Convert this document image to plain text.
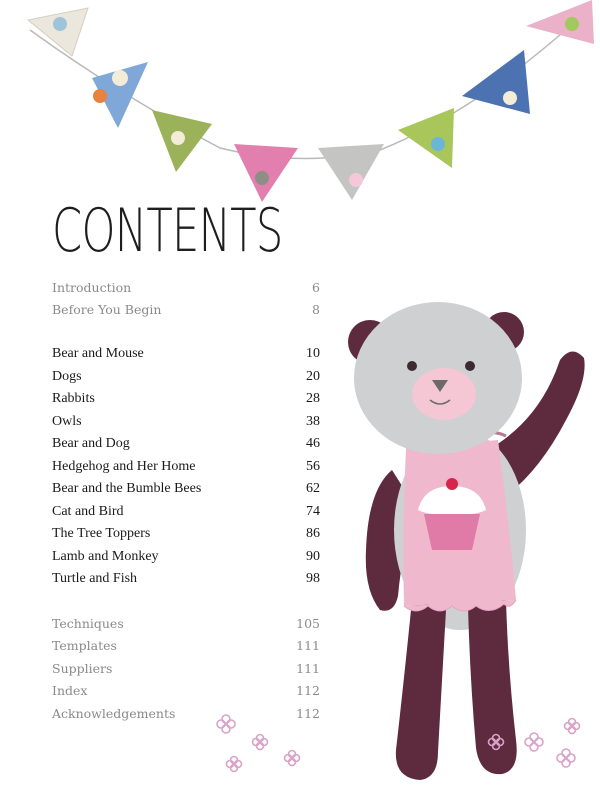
CONTENTS
Introduction	6
Before You Begin	8
Bear and Mouse	10
Dogs	20
Rabbits	28
Owls	38
Bear and Dog	46
Hedgehog and Her Home	56
Bear and the Bumble Bees	62
Cat and Bird	74
The Tree Toppers	86
Lamb and Monkey	90
Turtle and Fish	98
Techniques	105
Templates	111
Suppliers	111
Index	112
Acknowledgements	112
